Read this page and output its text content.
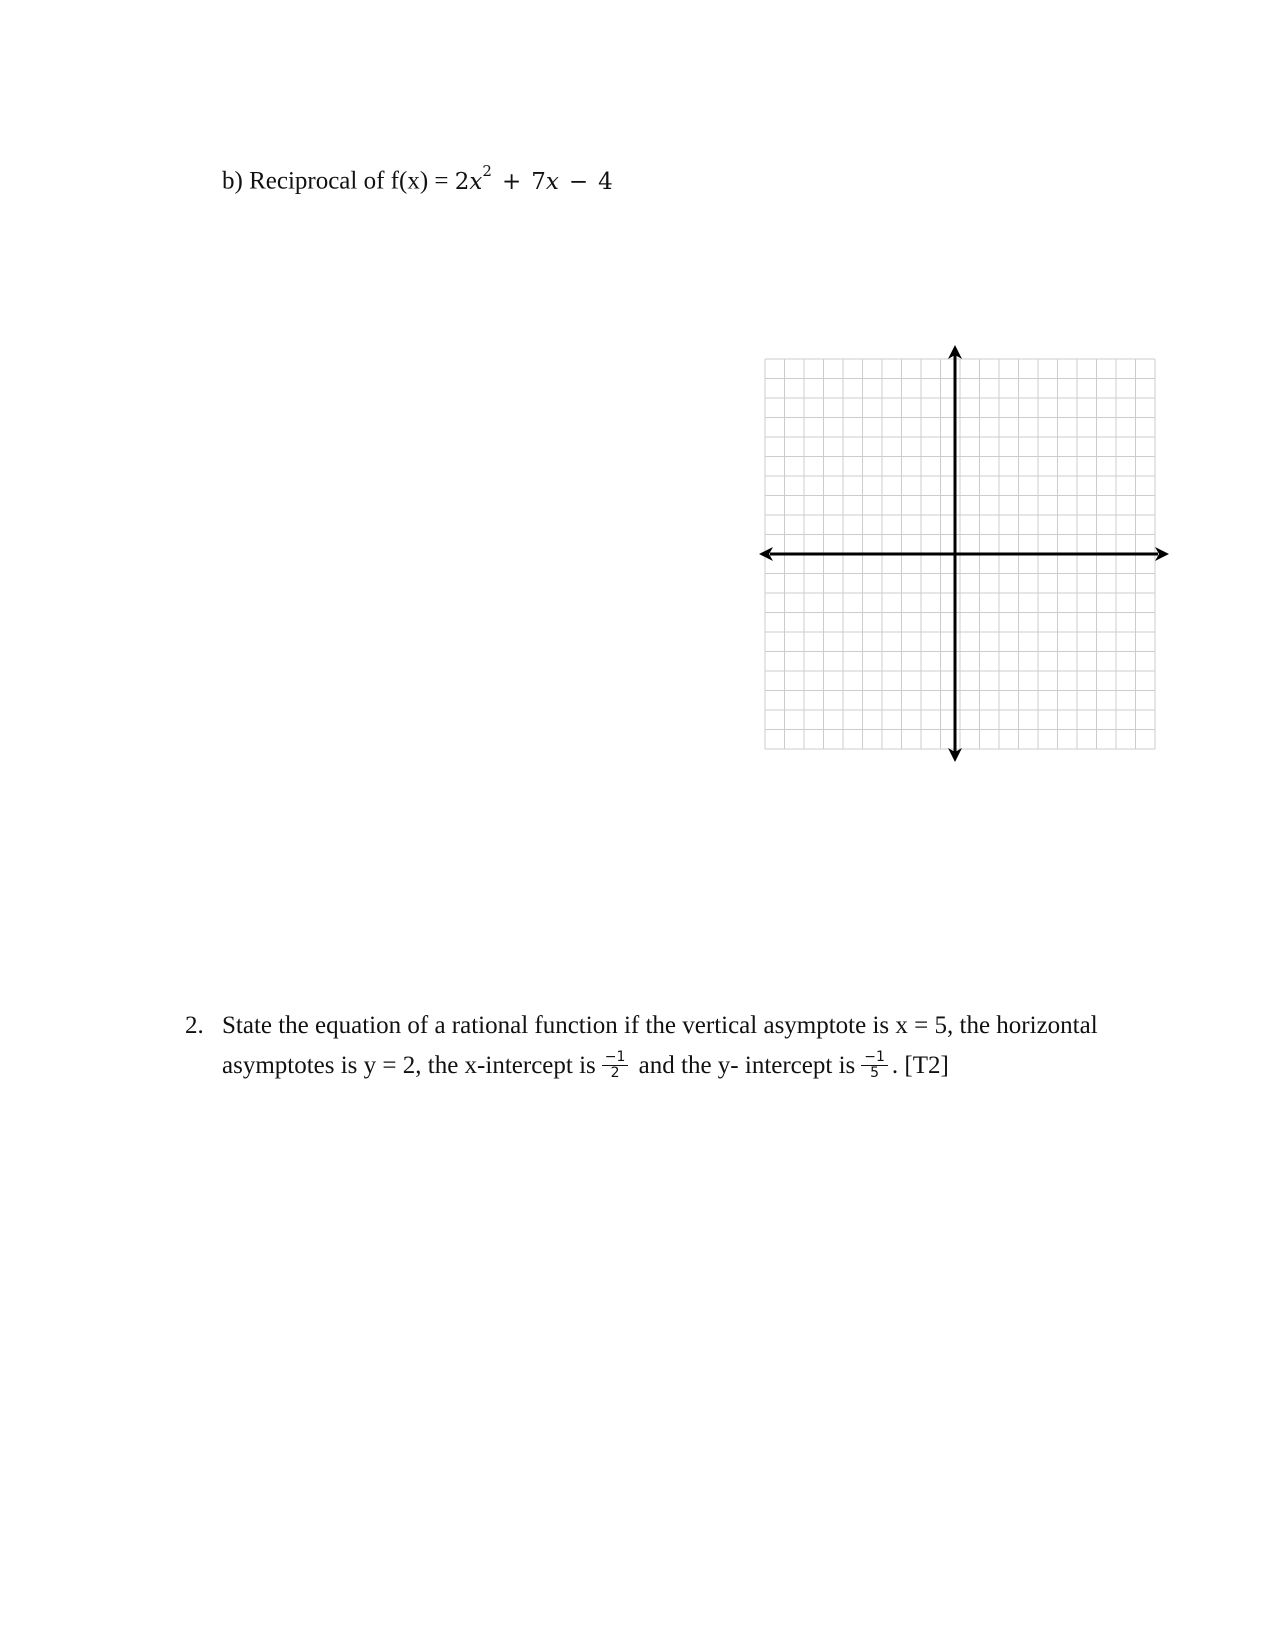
b) Reciprocal of $f(x) = 2x^2 + 7x - 4$
2. State the equation of a rational function if the vertical asymptote is x = 5, the horizontal
asymptotes is y = 2, the x-intercept is $\frac{-1}{2}$ and the y- intercept is $\frac{-1}{5}$ . [T2]
